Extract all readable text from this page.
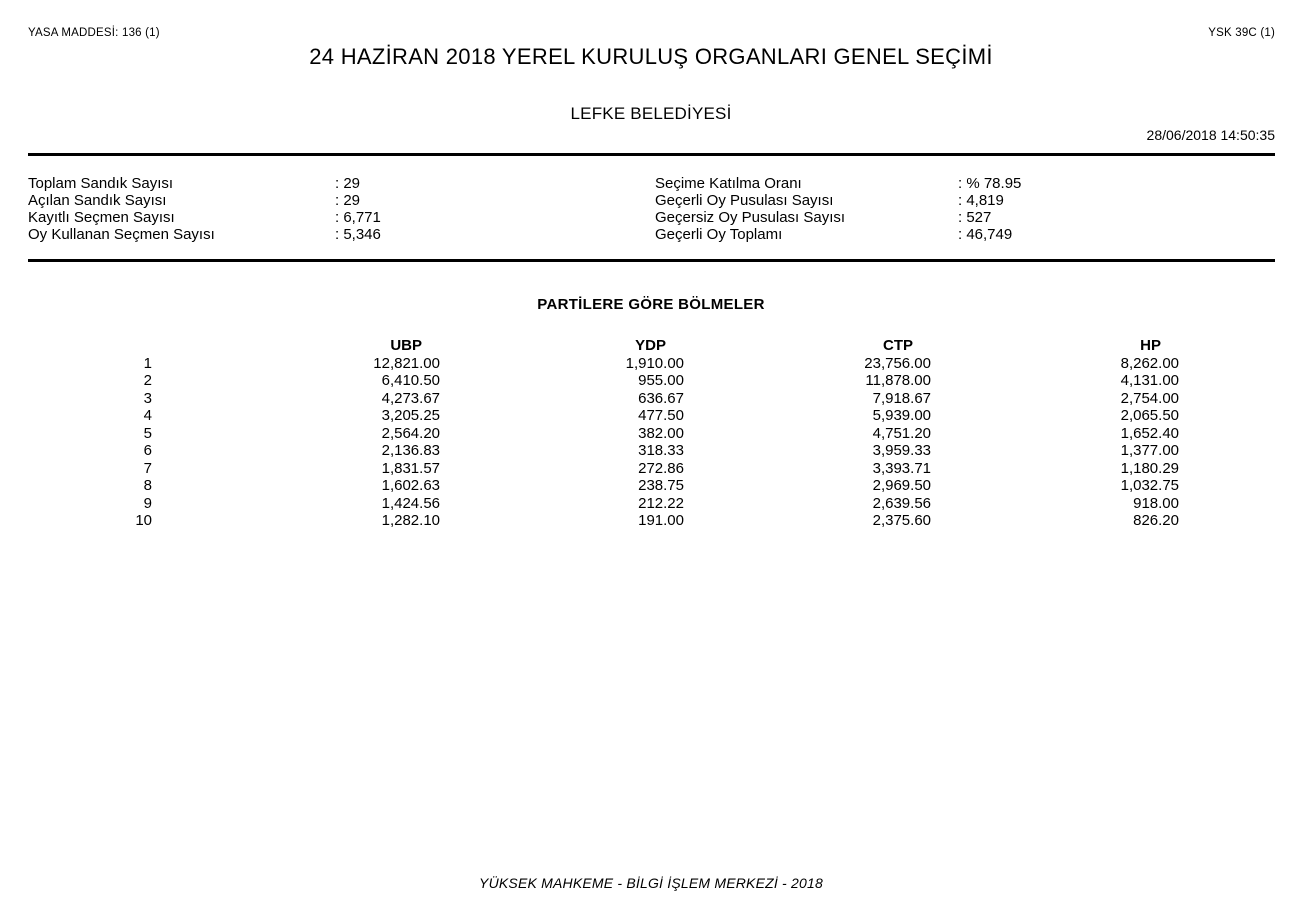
YASA MADDESİ: 136 (1)	YSK 39C (1)
24 HAZİRAN 2018 YEREL KURULUŞ ORGANLARI GENEL SEÇİMİ
LEFKE BELEDİYESİ
28/06/2018 14:50:35
Toplam Sandık Sayısı	: 29
Açılan Sandık Sayısı	: 29
Kayıtlı Seçmen Sayısı	: 6,771
Oy Kullanan Seçmen Sayısı	: 5,346
Seçime Katılma Oranı	: % 78.95
Geçerli Oy Pusulası Sayısı	: 4,819
Geçersiz Oy Pusulası Sayısı	: 527
Geçerli Oy Toplamı	: 46,749
PARTİLERE GÖRE BÖLMELER
	UBP	YDP	CTP	HP	
1	12,821.00	1,910.00	23,756.00	8,262.00	
2	6,410.50	955.00	11,878.00	4,131.00	
3	4,273.67	636.67	7,918.67	2,754.00	
4	3,205.25	477.50	5,939.00	2,065.50	
5	2,564.20	382.00	4,751.20	1,652.40	
6	2,136.83	318.33	3,959.33	1,377.00	
7	1,831.57	272.86	3,393.71	1,180.29	
8	1,602.63	238.75	2,969.50	1,032.75	
9	1,424.56	212.22	2,639.56	918.00	
10	1,282.10	191.00	2,375.60	826.20	
YÜKSEK MAHKEME - BİLGİ İŞLEM MERKEZİ - 2018
